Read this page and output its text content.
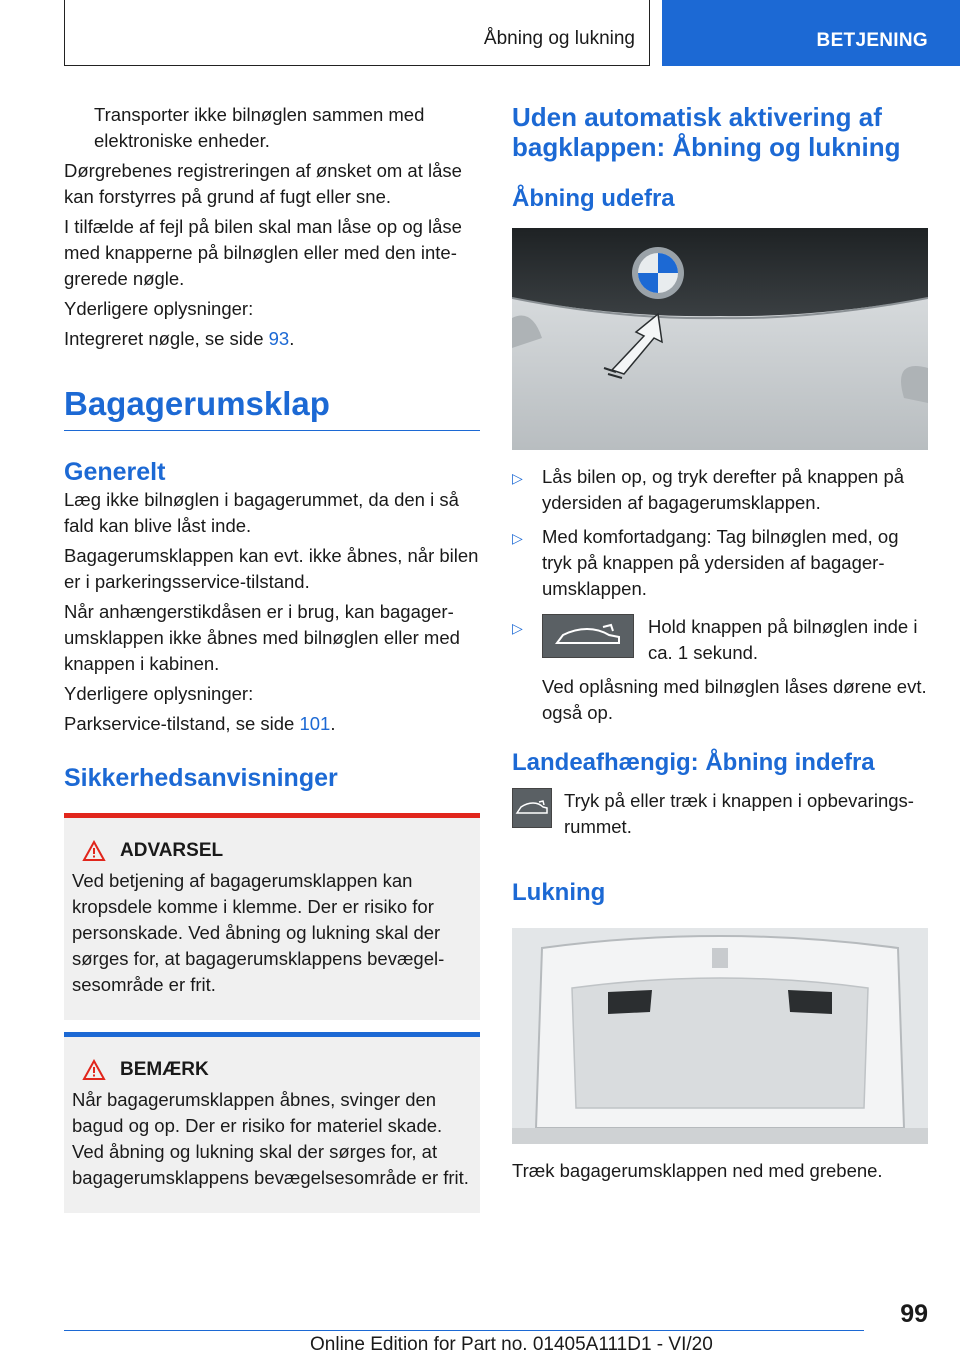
Åbning og lukning	BETJENING

Transporter ikke bilnøglen sammen med elektroniske enheder.

Dørgrebenes registreringen af ønsket om at låse kan forstyrres på grund af fugt eller sne.

I tilfælde af fejl på bilen skal man låse op og låse med knapperne på bilnøglen eller med den integrerede nøgle.

Yderligere oplysninger:

Integreret nøgle, se side 93.

Bagagerumsklap
Generelt

Læg ikke bilnøglen i bagagerummet, da den i så fald kan blive låst inde.

Bagagerumsklappen kan evt. ikke åbnes, når bilen er i parkeringsservice-tilstand.

Når anhængerstikdåsen er i brug, kan bagagerumsklappen ikke åbnes med bilnøglen eller med knappen i kabinen.

Yderligere oplysninger:

Parkservice-tilstand, se side 101.

Sikkerhedsanvisninger
ADVARSEL

Ved betjening af bagagerumsklappen kan kropsdele komme i klemme. Der er risiko for personskade. Ved åbning og lukning skal der sørges for, at bagagerumsklappens bevægelsesområde er frit.

BEMÆRK

Når bagagerumsklappen åbnes, svinger den bagud og op. Der er risiko for materiel skade. Ved åbning og lukning skal der sørges for, at bagagerumsklappens bevægelsesområde er frit.

Uden automatisk aktivering af bagklappen: Åbning og lukning
Åbning udefra
▷	Lås bilen op, og tryk derefter på knappen på ydersiden af bagagerumsklappen.
▷	Med komfortadgang: Tag bilnøglen med, og tryk på knappen på ydersiden af bagagerumsklappen.
▷	Hold knappen på bilnøglen inde i ca. 1 sekund.

Ved oplåsning med bilnøglen låses dørene evt. også op.

Landeafhængig: Åbning indefra

Tryk på eller træk i knappen i opbevaringsrummet.

Lukning

Træk bagagerumsklappen ned med grebene.

99
Online Edition for Part no. 01405A111D1 - VI/20
